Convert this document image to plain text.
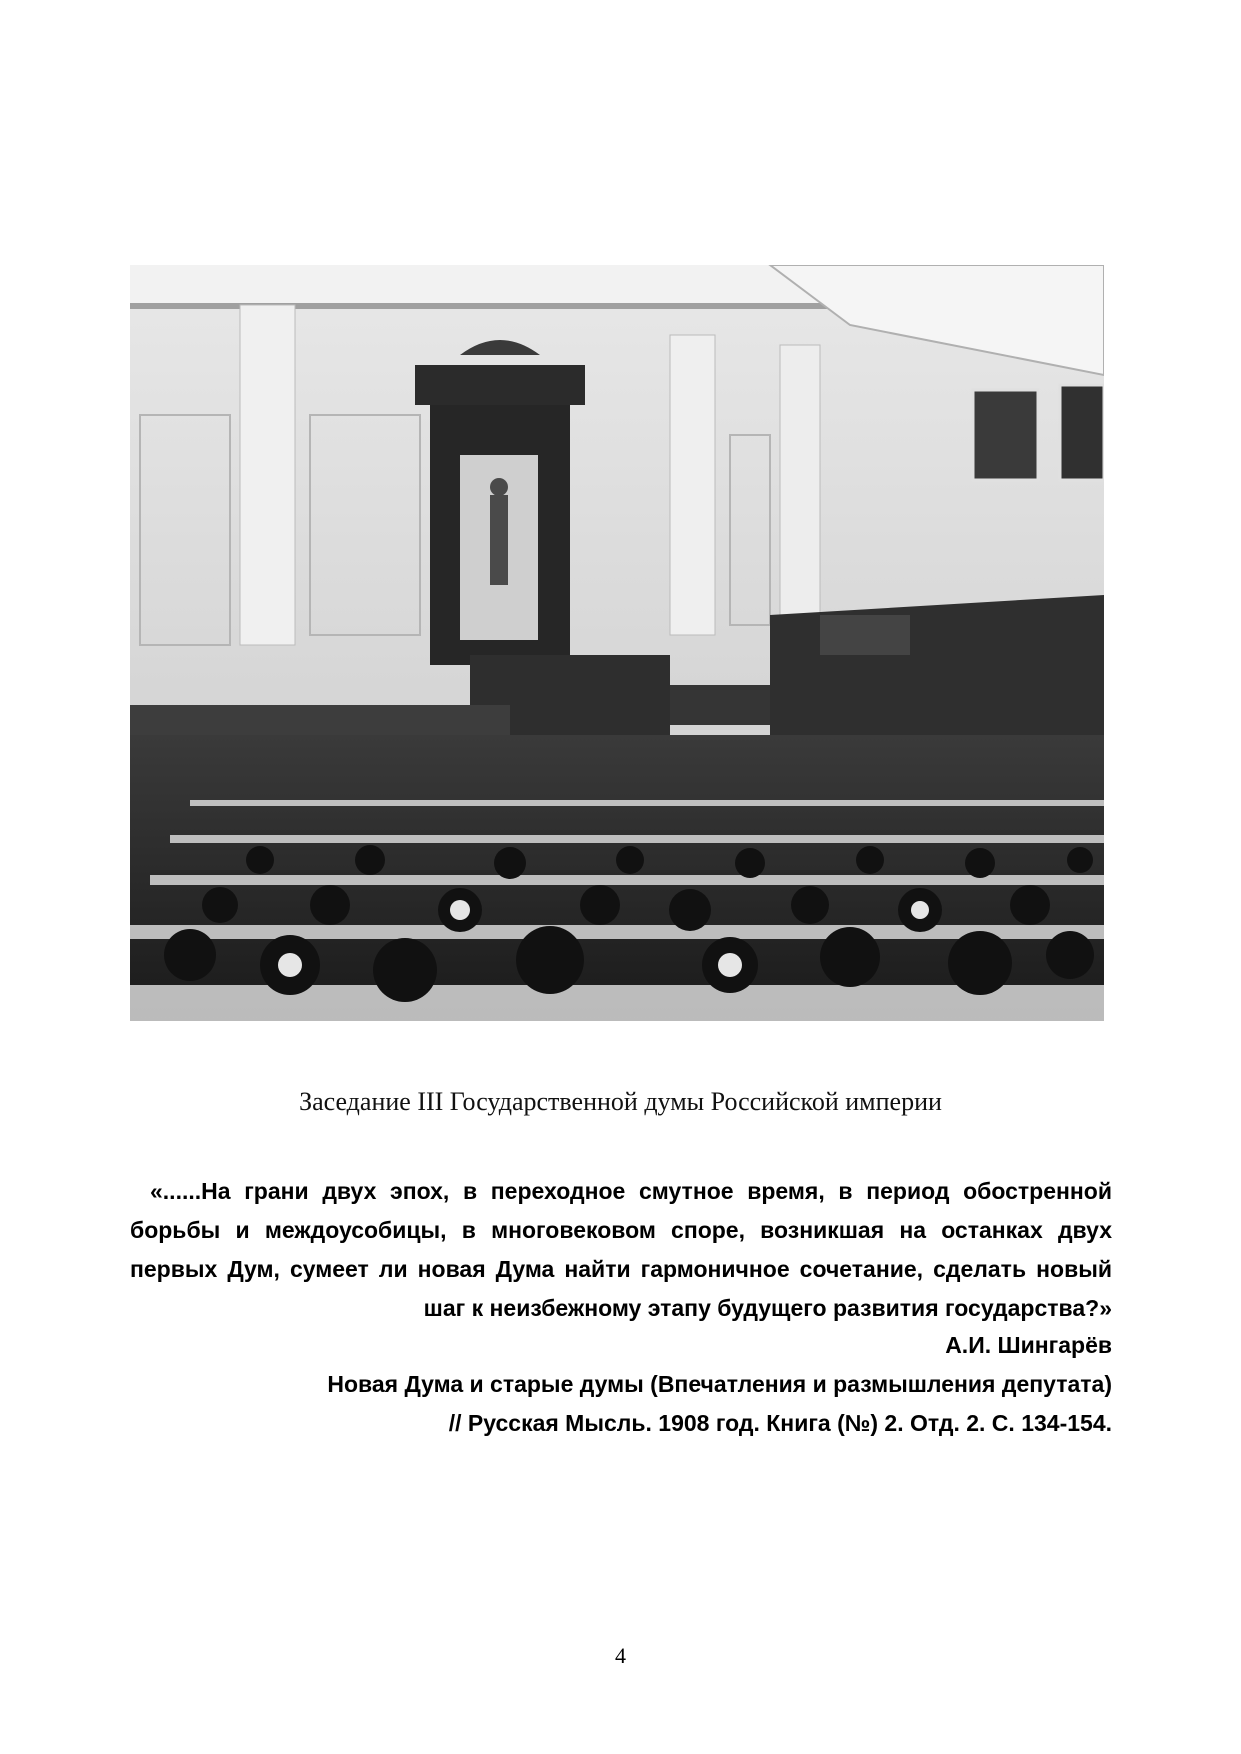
Заседание III Государственной думы Российской империи

«......На грани двух эпох, в переходное смутное время, в период обостренной борьбы и междоусобицы, в многовековом споре, возникшая на останках двух первых Дум, сумеет ли новая Дума найти гармоничное сочетание, сделать новый шаг к неизбежному этапу будущего развития государства?»

А.И. Шингарёв
Новая Дума и старые думы (Впечатления и размышления депутата)
// Русская Мысль. 1908 год. Книга (№) 2. Отд. 2. С. 134-154.
4
